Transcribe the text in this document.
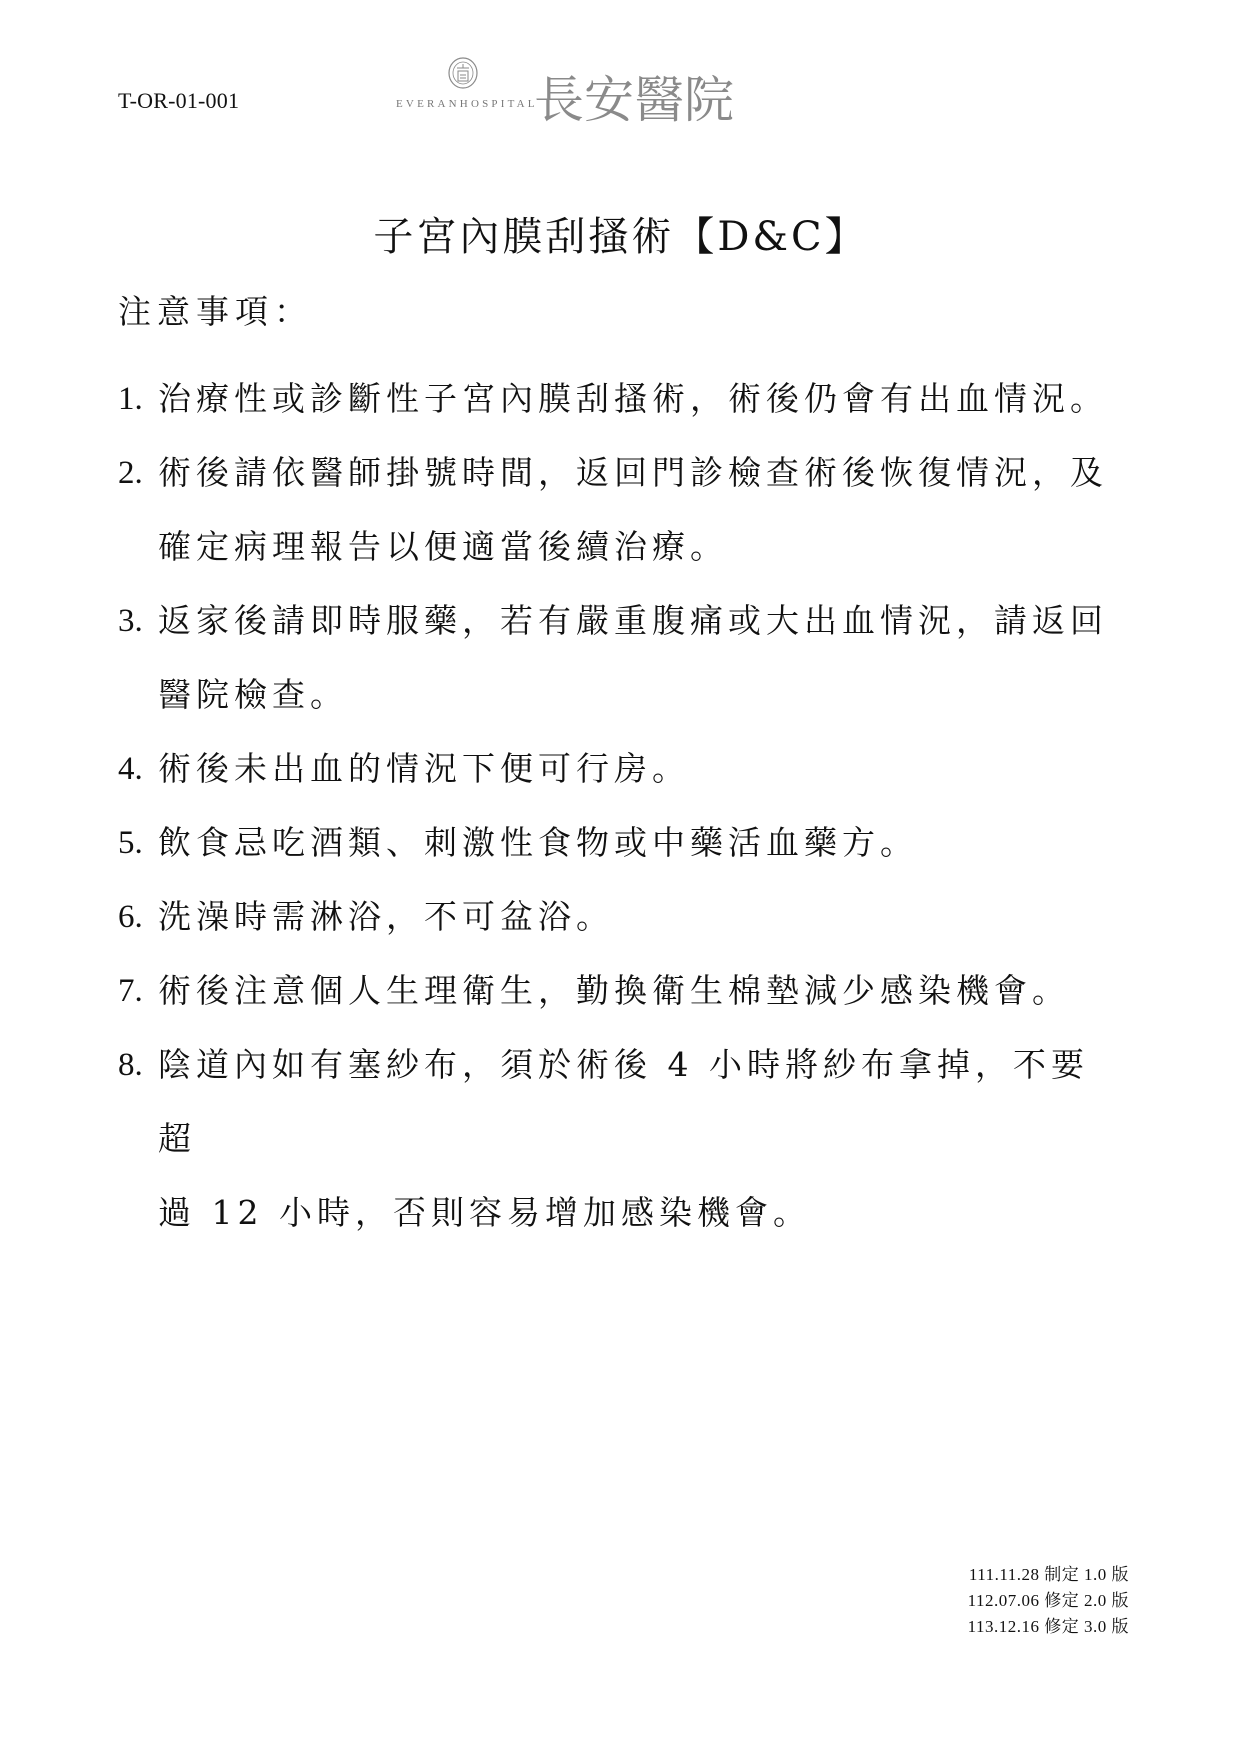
T-OR-01-001	EVERANHOSPITAL
長安醫院
子宮內膜刮搔術【D&C】
注意事項：
1. 治療性或診斷性子宮內膜刮搔術，術後仍會有出血情況。
2. 術後請依醫師掛號時間，返回門診檢查術後恢復情況，及
確定病理報告以便適當後續治療。
3. 返家後請即時服藥，若有嚴重腹痛或大出血情況，請返回
醫院檢查。
4. 術後未出血的情況下便可行房。
5. 飲食忌吃酒類、刺激性食物或中藥活血藥方。
6. 洗澡時需淋浴，不可盆浴。
7. 術後注意個人生理衛生，勤換衛生棉墊減少感染機會。
8. 陰道內如有塞紗布，須於術後 4 小時將紗布拿掉，不要超
過 12 小時，否則容易增加感染機會。
111.11.28 制定 1.0 版
112.07.06 修定 2.0 版
113.12.16 修定 3.0 版
